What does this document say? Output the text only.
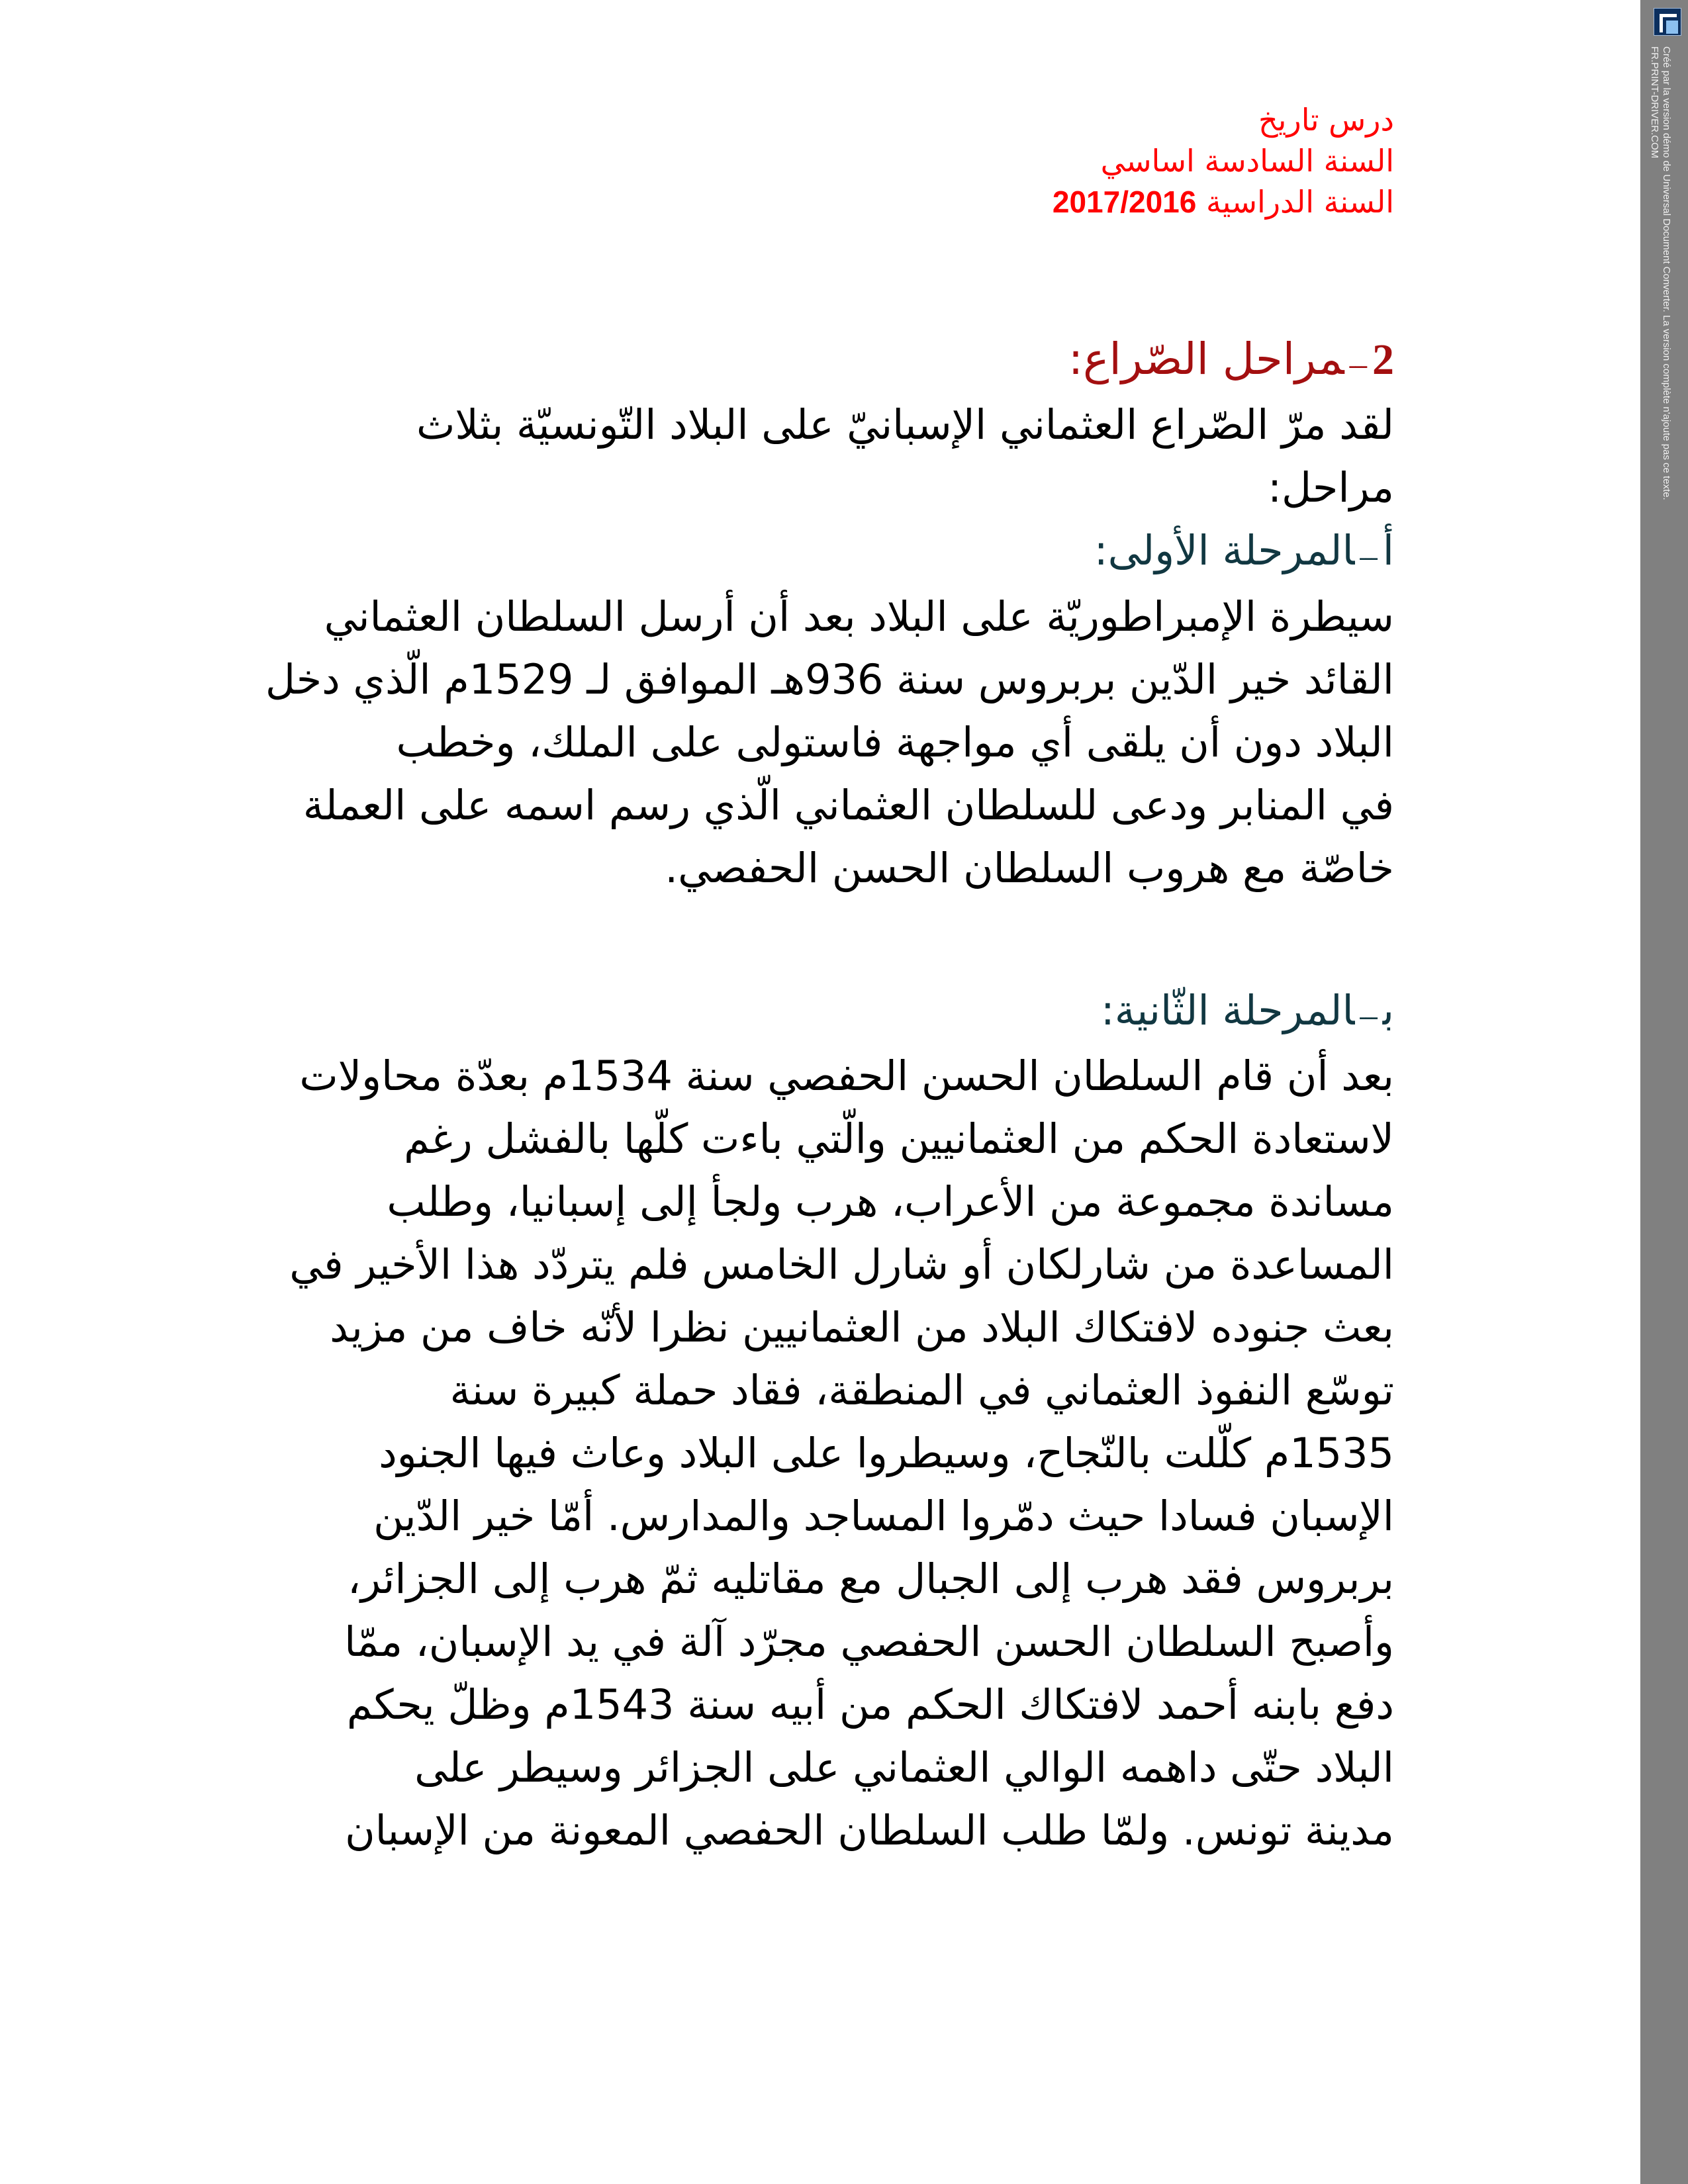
درس تاريخ
السنة السادسة اساسي
السنة الدراسية 2017/2016
2ـــمراحل الصّراع:

لقد مرّ الصّراع العثماني الإسبانيّ على البلاد التّونسيّة بثلاث
مراحل:

أـــالمرحلة الأولى:

سيطرة الإمبراطوريّة على البلاد بعد أن أرسل السلطان العثماني
القائد خير الدّين بربروس سنة 936هـ الموافق لـ 1529م الّذي دخل
البلاد دون أن يلقى أي مواجهة فاستولى على الملك، وخطب
في المنابر ودعى للسلطان العثماني الّذي رسم اسمه على العملة
خاصّة مع هروب السلطان الحسن الحفصي.

بـــالمرحلة الثّانية:

بعد أن قام السلطان الحسن الحفصي سنة 1534م بعدّة محاولات
لاستعادة الحكم من العثمانيين والّتي باءت كلّها بالفشل رغم
مساندة مجموعة من الأعراب، هرب ولجأ إلى إسبانيا، وطلب
المساعدة من شارلكان أو شارل الخامس فلم يتردّد هذا الأخير في
بعث جنوده لافتكاك البلاد من العثمانيين نظرا لأنّه خاف من مزيد
توسّع النفوذ العثماني في المنطقة، فقاد حملة كبيرة سنة
1535م كلّلت بالنّجاح، وسيطروا على البلاد وعاث فيها الجنود
الإسبان فسادا حيث دمّروا المساجد والمدارس. أمّا خير الدّين
بربروس فقد هرب إلى الجبال مع مقاتليه ثمّ هرب إلى الجزائر،
وأصبح السلطان الحسن الحفصي مجرّد آلة في يد الإسبان، ممّا
دفع بابنه أحمد لافتكاك الحكم من أبيه سنة 1543م وظلّ يحكم
البلاد حتّى داهمه الوالي العثماني على الجزائر وسيطر على
مدينة تونس. ولمّا طلب السلطان الحفصي المعونة من الإسبان

Créé par la version démo de Universal Document Converter. La version complète n'ajoute pas ce texte.
FR.PRINT-DRIVER.COM
